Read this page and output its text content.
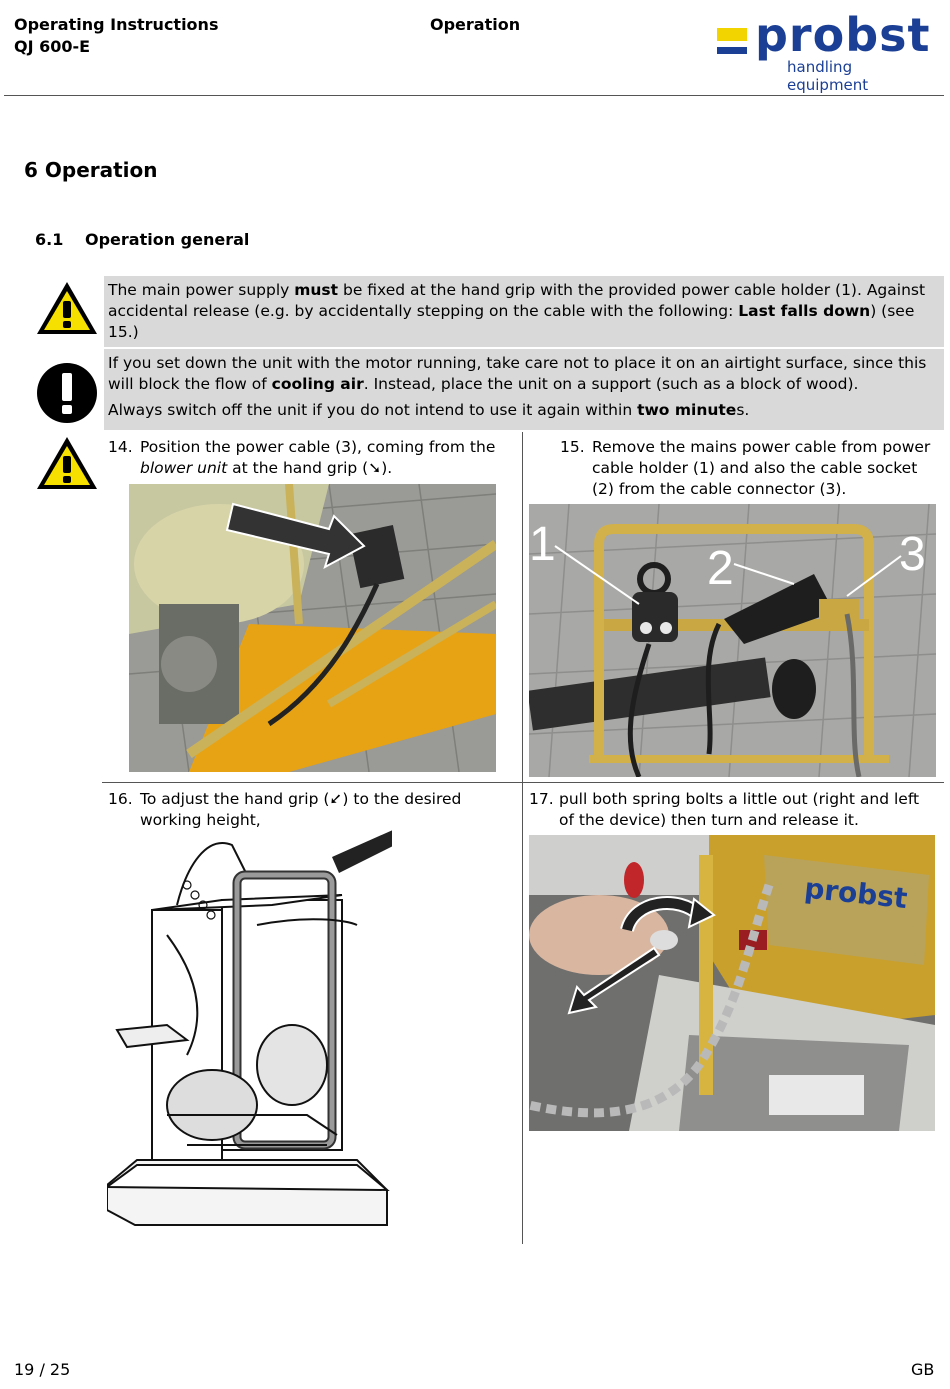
Operating Instructions
QJ 600-E
Operation	probst
handling equipment
6 Operation
6.1 Operation general
The main power supply must be fixed at the hand grip with the provided power cable holder (1). Against accidental release (e.g. by accidentally stepping on the cable with the following: Last falls down) (see 15.)
If you set down the unit with the motor running, take care not to place it on an airtight surface, since this will block the flow of cooling air. Instead, place the unit on a support (such as a block of wood).
Always switch off the unit if you do not intend to use it again within two minutes.
14. Position the power cable (3), coming from the blower unit at the hand grip (➘).
15. Remove the mains power cable from power cable holder (1) and also the cable socket (2) from the cable connector (3).
1	2	3
16. To adjust the hand grip (➘) to the desired working height,
17. pull both spring bolts a little out (right and left of the device) then turn and release it.
probst
19 / 25	GB
